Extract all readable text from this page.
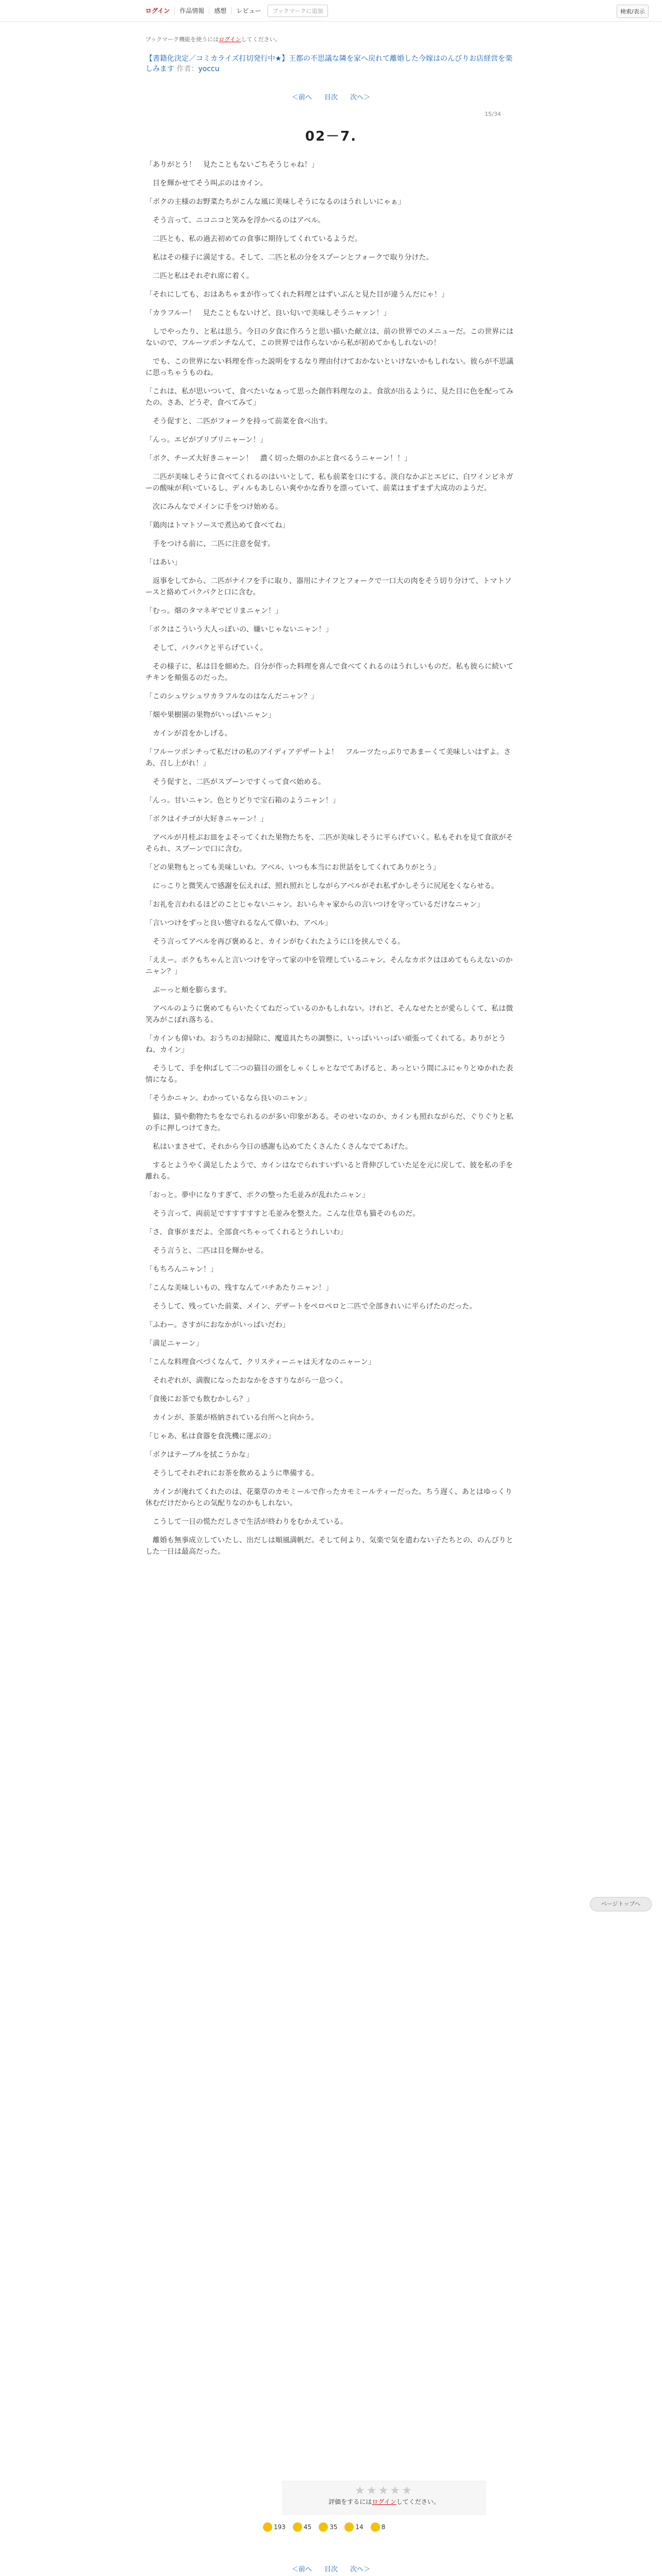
ログイン	作品情報	感想	レビュー	ブックマークに追加	検索/表示
ブックマーク機能を使うにはログインしてください。
【書籍化決定／コミカライズ打切発行中★】王都の不思議な隣を家へ戻れて離婚した今嫁はのんびりお店経営を楽しみます 作者：yoccu
＜前へ 目次 次へ＞
15/34
02－7.

「ありがとう！　見たこともないごちそうじゃね！」

　目を輝かせてそう叫ぶのはカイン。

「ボクの主様のお野菜たちがこんな風に美味しそうになるのはうれしいにゃぁ」

　そう言って、ニコニコと笑みを浮かべるのはアベル。

　二匹とも、私の過去初めての食事に期待してくれているようだ。

　私はその様子に満足する。そして、二匹と私の分をスプーンとフォークで取り分けた。

　二匹と私はそれぞれ席に着く。

「それにしても、おはあちゃまが作ってくれた料理とはずいぶんと見た目が違うんだにゃ！」

「カラフルー！　見たこともないけど、良い匂いで美味しそうニャァン！」

　しでやったり、と私は思う。今日の夕食に作ろうと思い描いた献立は、前の世界でのメニューだ。この世界にはないので、フルーツポンチなんて、この世界では作らないから私が初めてかもしれないの！

　でも、この世界にない料理を作った説明をするなり理由付けておかないといけないかもしれない。彼らが不思議に思っちゃうものね。

「これは、私が思いついて、食べたいなぁって思った創作料理なのよ。食欲が出るように、見た目に色を配ってみたの。さあ、どうぞ、食べてみて」

　そう促すと、二匹がフォークを持って前菜を食べ出す。

「んっ。エビがプリプリニャーン！」

「ボク、チーズ大好きニャーン！　濃く切った畑のかぶと食べるうニャーン！！」

　二匹が美味しそうに食べてくれるのはいいとして、私も前菜を口にする。淡白なかぶとエビに、白ワインビネガーの酸味が利いているし、ディルもあしらい爽やかな香りを漂っていて、前菜はまずまず大成功のようだ。

　次にみんなでメインに手をつけ始める。

「鶏肉はトマトソースで煮込めて食べてね」

　手をつける前に、二匹に注意を促す。

「はあい」

　返事をしてから、二匹がナイフを手に取り、器用にナイフとフォークで一口大の肉をそう切り分けて、トマトソースと絡めてパクパクと口に含む。

「むっ。畑のタマネギでビリまニャン！」

「ボクはこういう大人っぽいの、嫌いじゃないニャン！」

　そして、パクパクと平らげていく。

　その様子に、私は目を細めた。自分が作った料理を喜んで食べてくれるのはうれしいものだ。私も彼らに続いてチキンを頬張るのだった。

「このシュワシュワカラフルなのはなんだニャン？」

「畑や果樹園の果物がいっぱいニャン」

　カインが首をかしげる。

「フルーツポンチって私だけの私のアイディアデザートよ！　フルーツたっぷりであまーくて美味しいはずよ。さあ、召し上がれ！」

　そう促すと、二匹がスプーンですくって食べ始める。

「んっ。甘いニャン。色とりどりで宝石箱のようニャン！」

「ボクはイチゴが大好きニャーン！」

　アベルが月桂ぶお皿をよそってくれた果物たちを、二匹が美味しそうに平らげていく。私もそれを見て食欲がそそられ、スプーンで口に含む。

「どの果物もとっても美味しいわ。アベル、いつも本当にお世話をしてくれてありがとう」

　にっこりと微笑んで感謝を伝えれば、照れ照れとしながらアベルがそれ私ずかしそうに尻尾をくならせる。

「お礼を言われるほどのことじゃないニャン。おいらキャ家からの言いつけを守っているだけなニャン」

「言いつけをずっと良い態守れるなんて偉いわ、アベル」

　そう言ってアベルを再び褒めると、カインがむくれたように口を挟んでくる。

「ええー。ボクもちゃんと言いつけを守って家の中を管理しているニャン。そんなカボクはほめてもらえないのかニャン？」

　ぷーっと頬を膨らます。

　アベルのように褒めてもらいたくてねだっているのかもしれない。けれど、そんなせたとが愛らしくて、私は微笑みがこぼれ落ちる。

「カインも偉いわ。おうちのお掃除に、魔道具たちの調整に、いっぱいいっぱい頑張ってくれてる。ありがとうね、カイン」

　そうして、手を伸ばして二つの猫目の頭をしゃくしゃとなでてあげると、あっという間にふにゃりとゆかれた表情になる。

「そうかニャン。わかっているなら良いのニャン」

　猫は、猫や動物たちをなでられるのが多い印象がある。そのせいなのか、カインも照れながらだ、ぐりぐりと私の手に押しつけてきた。

　私はいまさせて、それから今日の感謝も込めてたくさんたくさんなでてあげた。

　するとようやく満足したようで、カインはなでられすいずいると背伸びしていた足を元に戻して、彼を私の手を離れる。

「おっと。夢中になりすぎて、ボクの整った毛並みが乱れたニャン」

　そう言って、両前足ですすすすすと毛並みを整えた。こんな仕草も猫そのものだ。

「さ、食事がまだよ。全部食べちゃってくれるとうれしいわ」

　そう言うと、二匹は目を輝かせる。

「もちろんニャン！」

「こんな美味しいもの、残すなんてバチあたりニャン！」

　そうして、残っていた前菜、メイン、デザートをペロペロと二匹で全部きれいに平らげたのだった。

「ふわー。さすがにおなかがいっぱいだわ」

「満足ニャーン」

「こんな料理食べづくなんて、クリスティーニャは天才なのニャーン」

　それぞれが、満腹になったおなかをさすりながら一息つく。

「食後にお茶でも飲むかしら？」

　カインが、茶葉が格納されている台所へと向かう。

「じゃあ、私は食器を食洗機に運ぶの」

「ボクはテーブルを拭こうかな」

　そうしてそれぞれにお茶を飲めるように準備する。

　カインが淹れてくれたのは、花薬草のカモミールで作ったカモミールティーだった。ちう遅く、あとはゆっくり休むだけだからとの気配りなのかもしれない。

　こうして一日の慌ただしさで生活が終わりをむかえている。

　離婚も無事成立していたし、出だしは順風満帆だ。そして何より、気楽で気を遣わない子たちとの、のんびりとした一日は最高だった。

ページトップへ
★★★★★
評価をするにはログインしてください。
193	45	35	14	8
＜前へ 目次 次へ＞
